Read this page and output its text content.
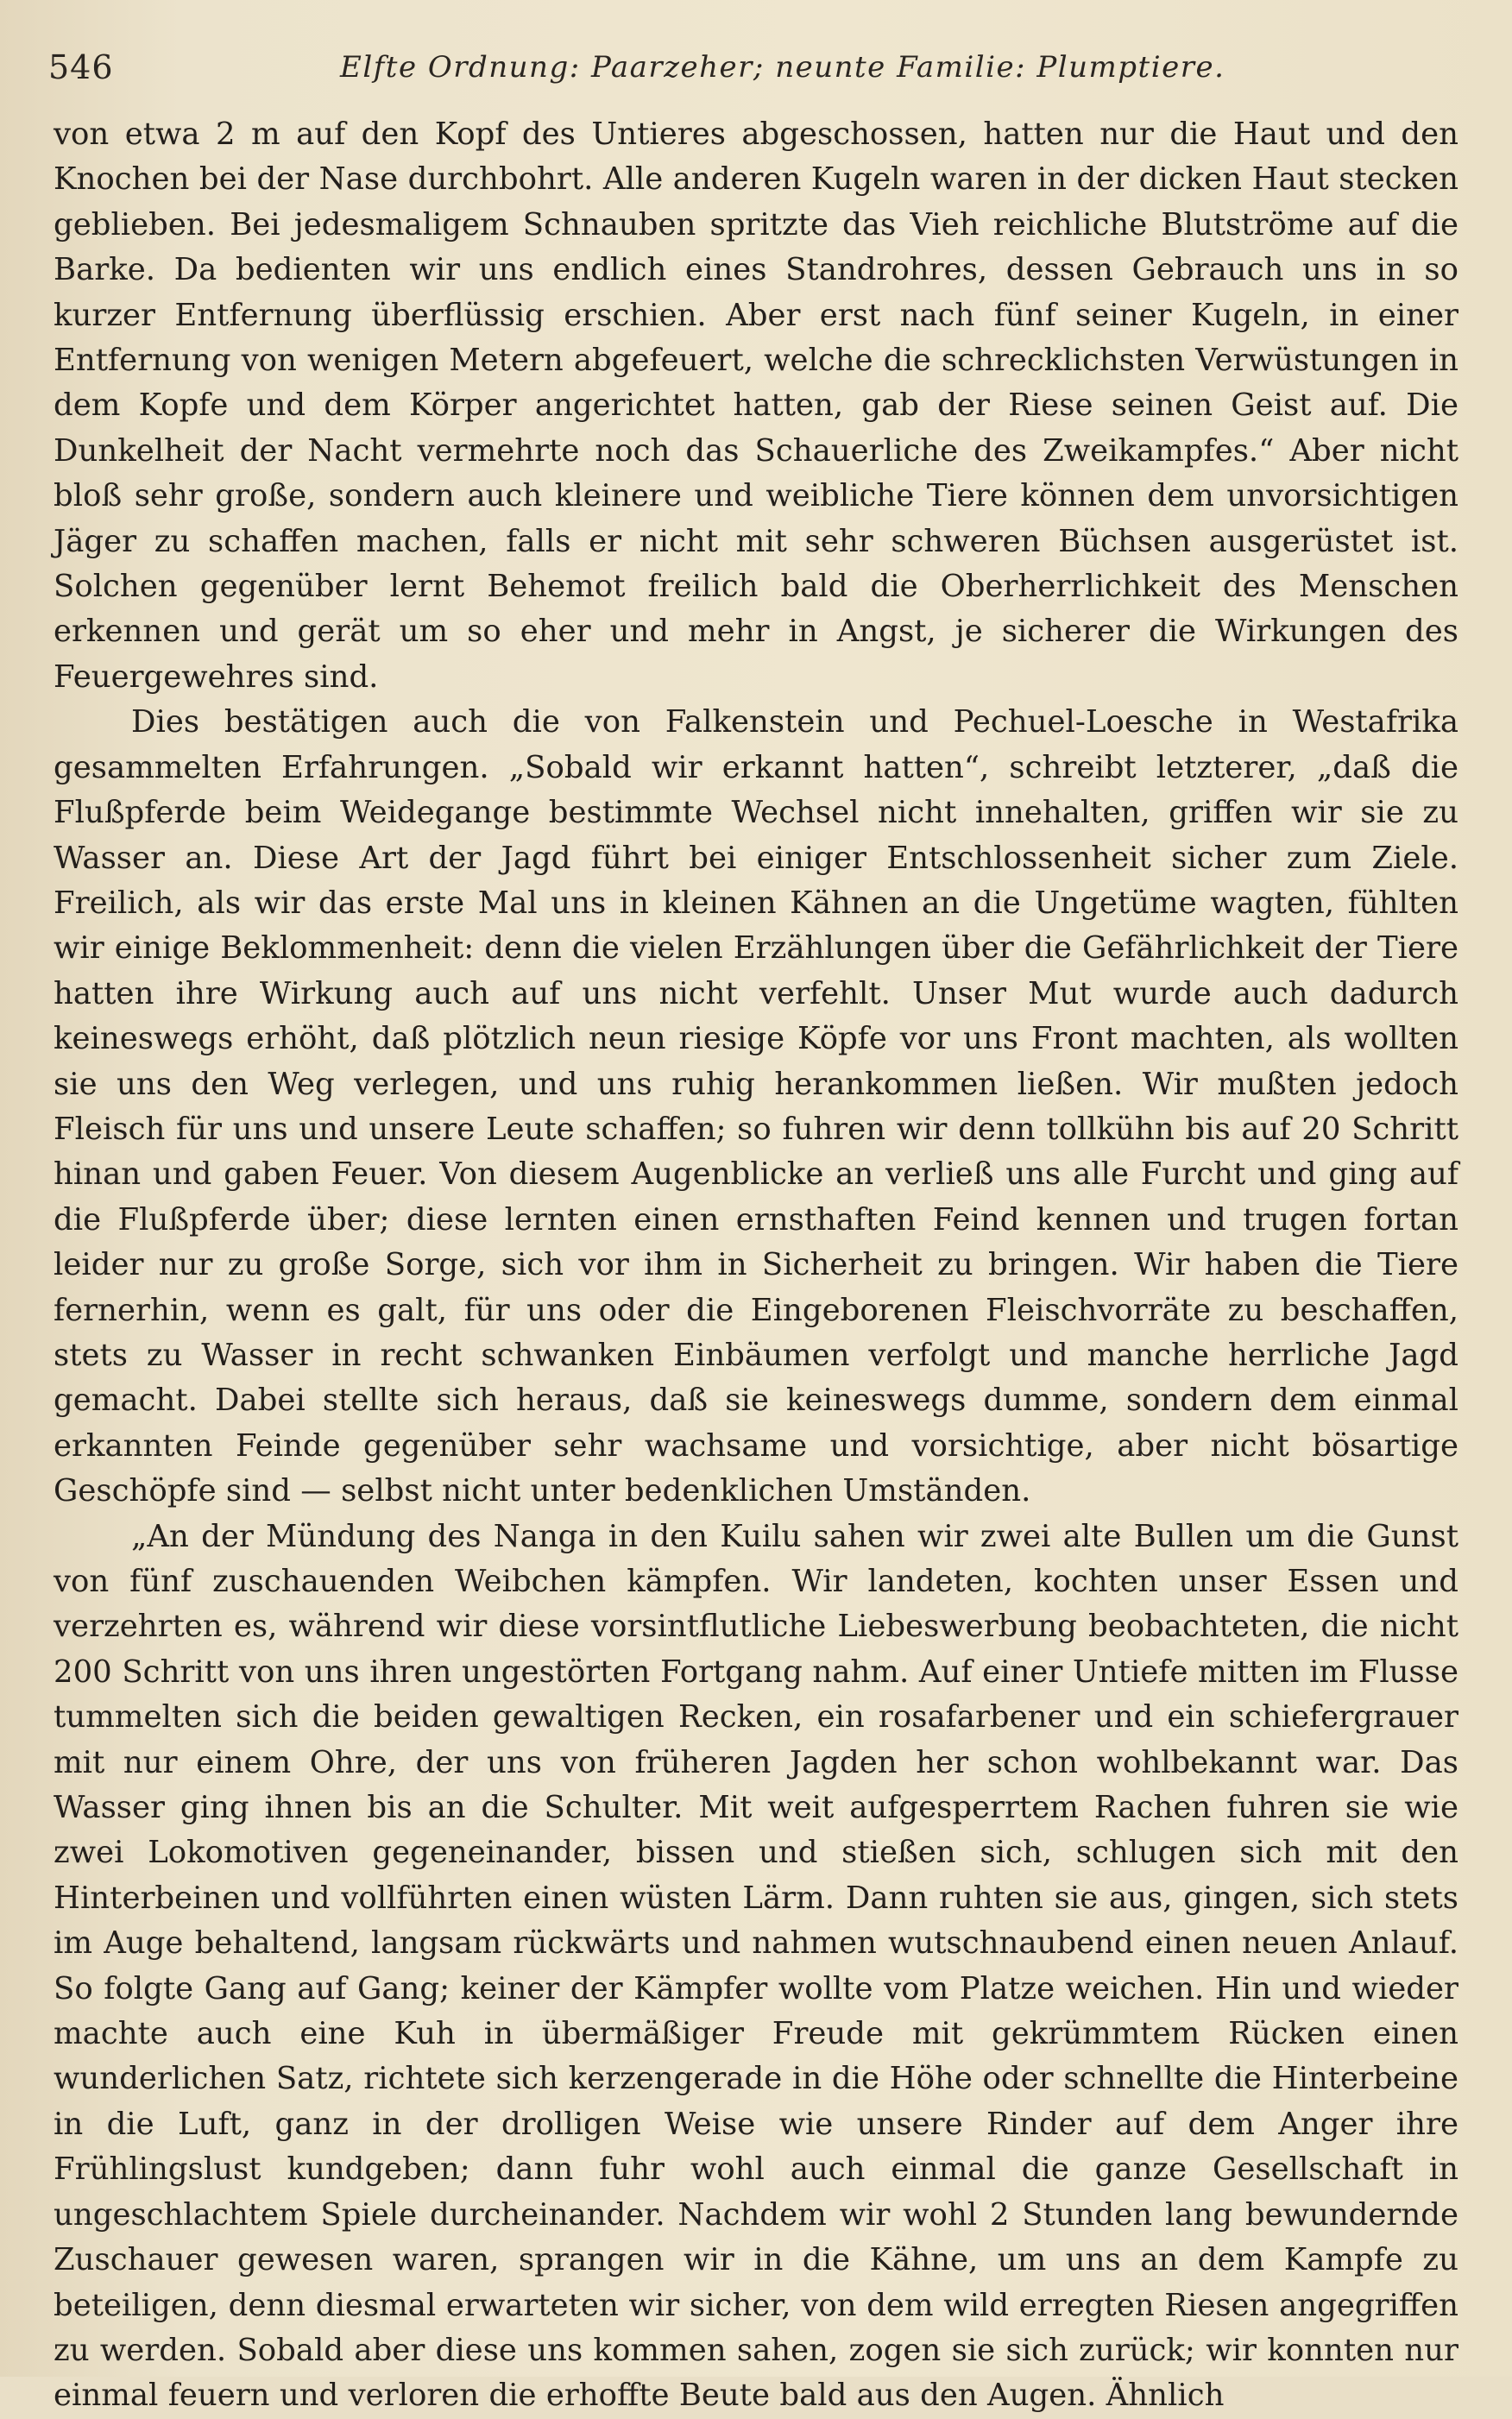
546	Elfte Ordnung: Paarzeher; neunte Familie: Plumptiere.

von etwa 2 m auf den Kopf des Untieres abgeschossen, hatten nur die Haut und den Knochen bei der Nase durchbohrt. Alle anderen Kugeln waren in der dicken Haut stecken geblieben. Bei jedesmaligem Schnauben spritzte das Vieh reichliche Blutströme auf die Barke. Da bedienten wir uns endlich eines Standrohres, dessen Gebrauch uns in so kurzer Entfernung überflüssig erschien. Aber erst nach fünf seiner Kugeln, in einer Entfernung von wenigen Metern abgefeuert, welche die schrecklichsten Verwüstungen in dem Kopfe und dem Körper angerichtet hatten, gab der Riese seinen Geist auf. Die Dunkelheit der Nacht vermehrte noch das Schauerliche des Zweikampfes.“ Aber nicht bloß sehr große, sondern auch kleinere und weibliche Tiere können dem unvorsichtigen Jäger zu schaffen machen, falls er nicht mit sehr schweren Büchsen ausgerüstet ist. Solchen gegenüber lernt Behemot freilich bald die Oberherrlichkeit des Menschen erkennen und gerät um so eher und mehr in Angst, je sicherer die Wirkungen des Feuergewehres sind.

Dies bestätigen auch die von Falkenstein und Pechuel-Loesche in Westafrika gesammelten Erfahrungen. „Sobald wir erkannt hatten“, schreibt letzterer, „daß die Flußpferde beim Weidegange bestimmte Wechsel nicht innehalten, griffen wir sie zu Wasser an. Diese Art der Jagd führt bei einiger Entschlossenheit sicher zum Ziele. Freilich, als wir das erste Mal uns in kleinen Kähnen an die Ungetüme wagten, fühlten wir einige Beklommenheit: denn die vielen Erzählungen über die Gefährlichkeit der Tiere hatten ihre Wirkung auch auf uns nicht verfehlt. Unser Mut wurde auch dadurch keineswegs erhöht, daß plötzlich neun riesige Köpfe vor uns Front machten, als wollten sie uns den Weg verlegen, und uns ruhig herankommen ließen. Wir mußten jedoch Fleisch für uns und unsere Leute schaffen; so fuhren wir denn tollkühn bis auf 20 Schritt hinan und gaben Feuer. Von diesem Augenblicke an verließ uns alle Furcht und ging auf die Flußpferde über; diese lernten einen ernsthaften Feind kennen und trugen fortan leider nur zu große Sorge, sich vor ihm in Sicherheit zu bringen. Wir haben die Tiere fernerhin, wenn es galt, für uns oder die Eingeborenen Fleischvorräte zu beschaffen, stets zu Wasser in recht schwanken Einbäumen verfolgt und manche herrliche Jagd gemacht. Dabei stellte sich heraus, daß sie keineswegs dumme, sondern dem einmal erkannten Feinde gegenüber sehr wachsame und vorsichtige, aber nicht bösartige Geschöpfe sind — selbst nicht unter bedenklichen Umständen.

„An der Mündung des Nanga in den Kuilu sahen wir zwei alte Bullen um die Gunst von fünf zuschauenden Weibchen kämpfen. Wir landeten, kochten unser Essen und verzehrten es, während wir diese vorsintflutliche Liebeswerbung beobachteten, die nicht 200 Schritt von uns ihren ungestörten Fortgang nahm. Auf einer Untiefe mitten im Flusse tummelten sich die beiden gewaltigen Recken, ein rosafarbener und ein schiefergrauer mit nur einem Ohre, der uns von früheren Jagden her schon wohlbekannt war. Das Wasser ging ihnen bis an die Schulter. Mit weit aufgesperrtem Rachen fuhren sie wie zwei Lokomotiven gegeneinander, bissen und stießen sich, schlugen sich mit den Hinterbeinen und vollführten einen wüsten Lärm. Dann ruhten sie aus, gingen, sich stets im Auge behaltend, langsam rückwärts und nahmen wutschnaubend einen neuen Anlauf. So folgte Gang auf Gang; keiner der Kämpfer wollte vom Platze weichen. Hin und wieder machte auch eine Kuh in übermäßiger Freude mit gekrümmtem Rücken einen wunderlichen Satz, richtete sich kerzengerade in die Höhe oder schnellte die Hinterbeine in die Luft, ganz in der drolligen Weise wie unsere Rinder auf dem Anger ihre Frühlingslust kundgeben; dann fuhr wohl auch einmal die ganze Gesellschaft in ungeschlachtem Spiele durcheinander. Nachdem wir wohl 2 Stunden lang bewundernde Zuschauer gewesen waren, sprangen wir in die Kähne, um uns an dem Kampfe zu beteiligen, denn diesmal erwarteten wir sicher, von dem wild erregten Riesen angegriffen zu werden. Sobald aber diese uns kommen sahen, zogen sie sich zurück; wir konnten nur einmal feuern und verloren die erhoffte Beute bald aus den Augen. Ähnlich
